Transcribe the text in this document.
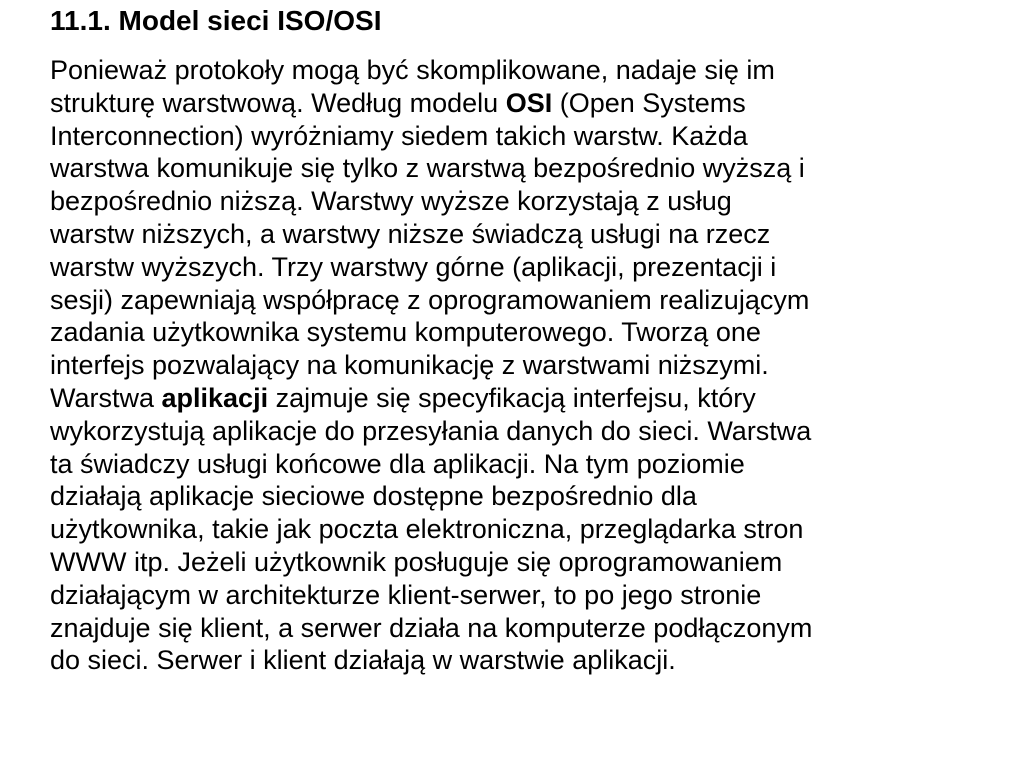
11.1. Model sieci ISO/OSI
Ponieważ protokoły mogą być skomplikowane, nadaje się im
strukturę warstwową. Według modelu OSI (Open Systems
Interconnection) wyróżniamy siedem takich warstw. Każda
warstwa komunikuje się tylko z warstwą bezpośrednio wyższą i
bezpośrednio niższą. Warstwy wyższe korzystają z usług
warstw niższych, a warstwy niższe świadczą usługi na rzecz
warstw wyższych. Trzy warstwy górne (aplikacji, prezentacji i
sesji) zapewniają współpracę z oprogramowaniem realizującym
zadania użytkownika systemu komputerowego. Tworzą one
interfejs pozwalający na komunikację z warstwami niższymi.
Warstwa aplikacji zajmuje się specyfikacją interfejsu, który
wykorzystują aplikacje do przesyłania danych do sieci. Warstwa
ta świadczy usługi końcowe dla aplikacji. Na tym poziomie
działają aplikacje sieciowe dostępne bezpośrednio dla
użytkownika, takie jak poczta elektroniczna, przeglądarka stron
WWW itp. Jeżeli użytkownik posługuje się oprogramowaniem
działającym w architekturze klient-serwer, to po jego stronie
znajduje się klient, a serwer działa na komputerze podłączonym
do sieci. Serwer i klient działają w warstwie aplikacji.
